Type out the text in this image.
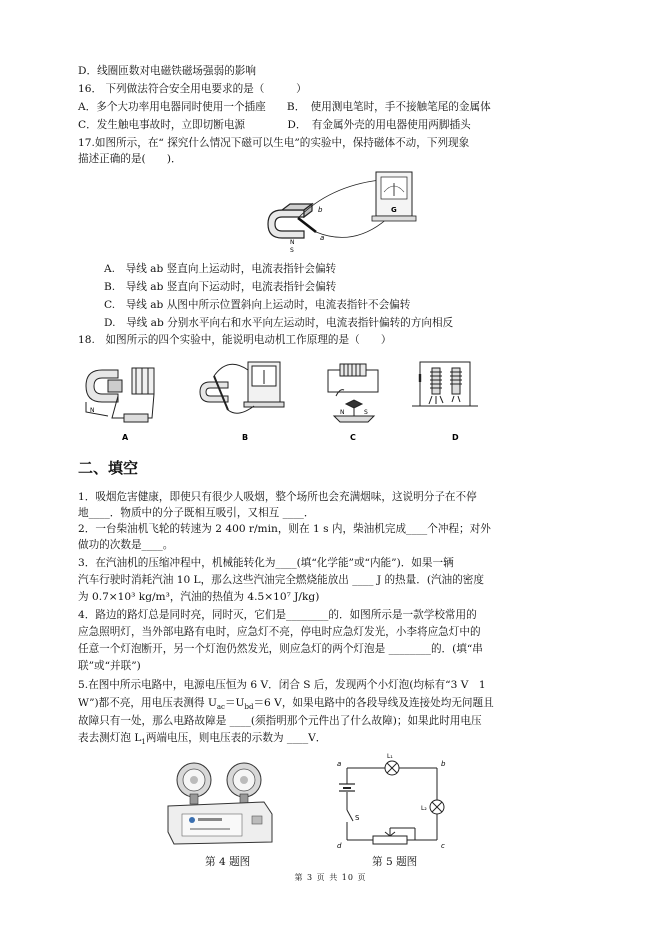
D．线圈匝数对电磁铁磁场强弱的影响
16． 下列做法符合安全用电要求的是（　　　）
A．多个大功率用电器同时使用一个插座　　B．　使用测电笔时，手不接触笔尾的金属体
C．发生触电事故时，立即切断电源　　　　D．　有金属外壳的用电器使用两脚插头
17.如图所示，在“ 探究什么情况下磁可以生电”的实验中，保持磁体不动，下列现象
描述正确的是(　　)．
b
a
N
S
G
A.　导线 ab 竖直向上运动时，电流表指针会偏转
B.　导线 ab 竖直向下运动时，电流表指针会偏转
C.　导线 ab 从图中所示位置斜向上运动时，电流表指针不会偏转
D.　导线 ab 分别水平向右和水平向左运动时，电流表指针偏转的方向相反
18.　如图所示的四个实验中，能说明电动机工作原理的是（　　）
N
A	B
N	S
C	D
二、填空
1．吸烟危害健康，即使只有很少人吸烟，整个场所也会充满烟味，这说明分子在不停
地____．物质中的分子既相互吸引，又相互 ____．
2．一台柴油机飞轮的转速为 2 400 r/min，则在 1 s 内，柴油机完成____个冲程；对外
做功的次数是____。
3．在汽油机的压缩冲程中，机械能转化为____(填“化学能”或“内能”)．如果一辆
汽车行驶时消耗汽油 10 L，那么这些汽油完全燃烧能放出 ____ J 的热量．(汽油的密度
为 0.7×10³ kg/m³，汽油的热值为 4.5×10⁷ J/kg)
4．路边的路灯总是同时亮，同时灭，它们是________的．如图所示是一款学校常用的
应急照明灯，当外部电路有电时，应急灯不亮，停电时应急灯发光，小李将应急灯中的
任意一个灯泡断开，另一个灯泡仍然发光，则应急灯的两个灯泡是 ________的．(填“串
联”或“并联”)
5.在图中所示电路中，电源电压恒为 6 V．闭合 S 后，发现两个小灯泡(均标有“3 V　1
W”)都不亮，用电压表测得 $U_{ac}=U_{bd}=6$ V，如果电路中的各段导线及连接处均无问题且
故障只有一处，那么电路故障是 ____(须指明那个元件出了什么故障)；如果此时用电压
表去测灯泡 $L_1$两端电压，则电压表的示数为 ____V．
第 4 题图
a	b
c
d
S
L₁
L₂
第 5 题图
第 3 页 共 10 页
